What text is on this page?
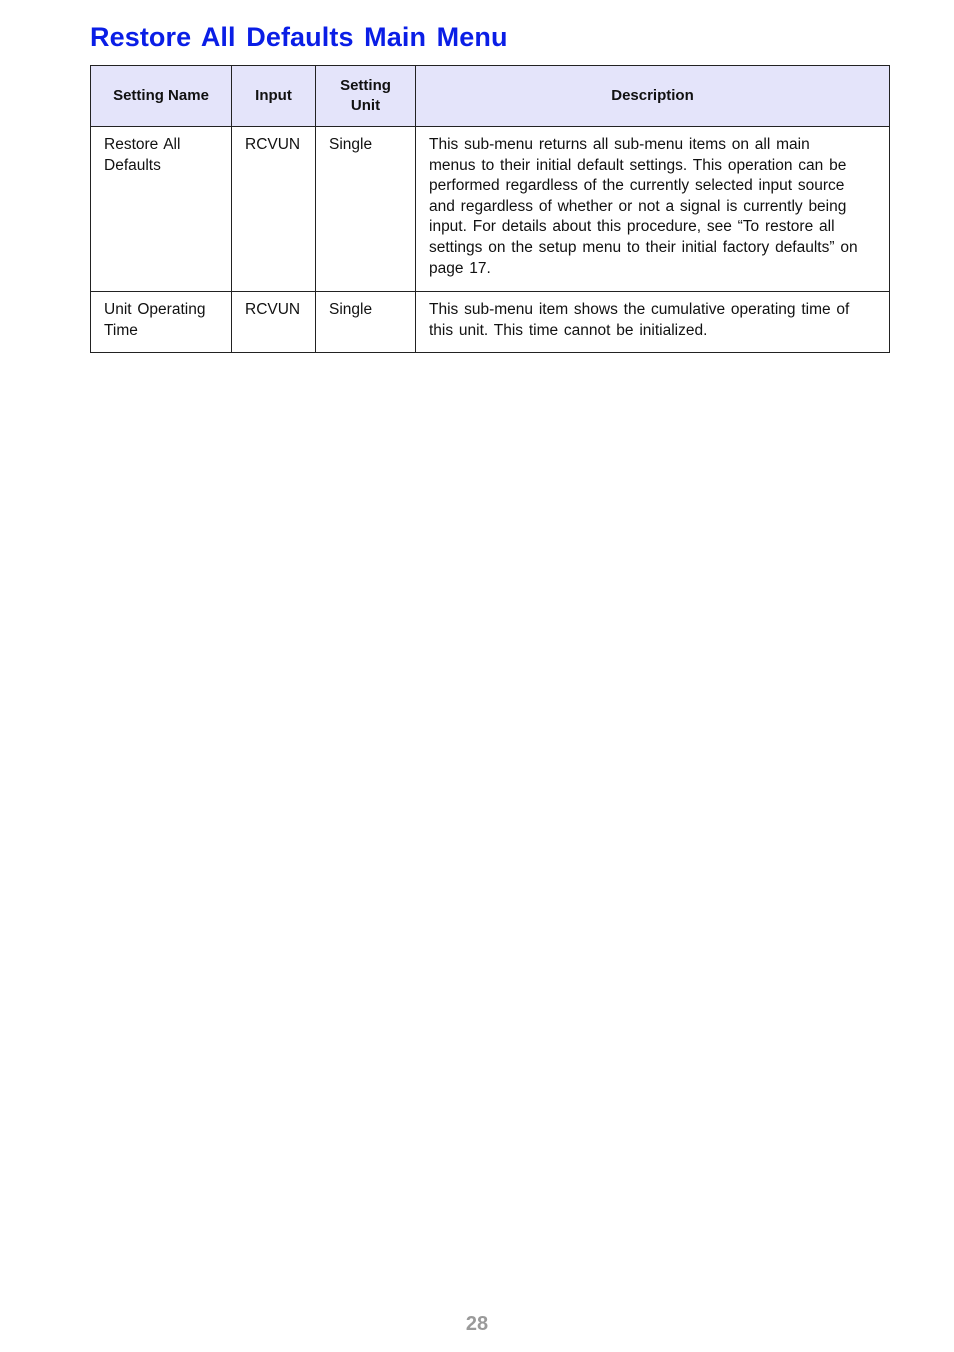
Restore All Defaults Main Menu
Setting Name	Input	Setting Unit	Description
Restore All Defaults	RCVUN	Single	This sub-menu returns all sub-menu items on all main menus to their initial default settings. This operation can be performed regardless of the currently selected input source and regardless of whether or not a signal is currently being input. For details about this procedure, see “To restore all settings on the setup menu to their initial factory defaults” on page 17.
Unit Operating Time	RCVUN	Single	This sub-menu item shows the cumulative operating time of this unit. This time cannot be initialized.
28
